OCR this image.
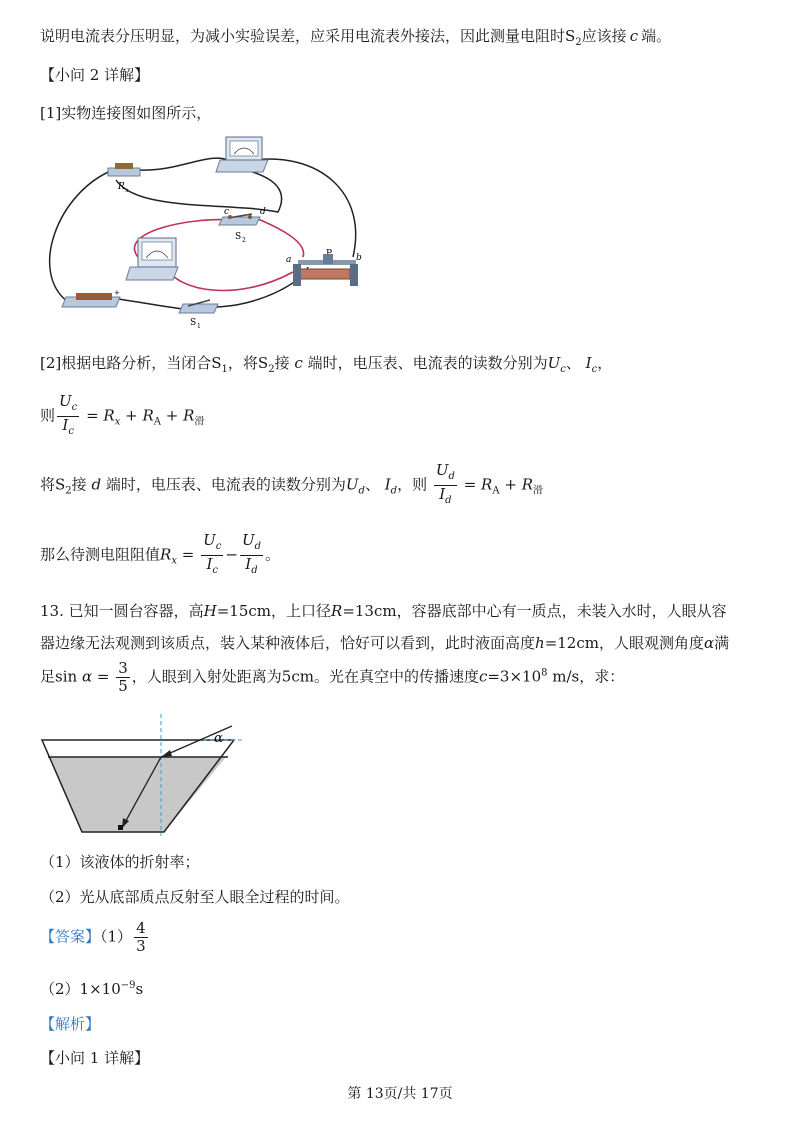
说明电流表分压明显，为减小实验误差，应采用电流表外接法，因此测量电阻时$S_2$应该接 c 端。
【小问 2 详解】
[1]实物连接图如图所示，
R x
c	d
S 2
a	b
+
S 1
[2]根据电路分析，当闭合$S_1$，将$S_2$接 c 端时，电压表、电流表的读数分别为$U_c$、 $I_c$，
则 $\frac{U_c}{I_c} = R_x + R_A + R_滑$
将$S_2$接 d 端时，电压表、电流表的读数分别为$U_d$、 $I_d$，则 $\frac{U_d}{I_d} = R_A + R_滑$
那么待测电阻阻值$R_x = \frac{U_c}{I_c} - \frac{U_d}{I_d}$ 。
13. 已知一圆台容器，高H=15cm，上口径R=13cm，容器底部中心有一质点，未装入水时，人眼从容
器边缘无法观测到该质点，装入某种液体后，恰好可以看到，此时液面高度h=12cm，人眼观测角度α满
足$\sin \alpha = \frac{3}{5}$ ，人眼到入射处距离为5cm。光在真空中的传播速度$c=3\times 10^8$ m/s，求：
α
（1）该液体的折射率；
（2）光从底部质点反射至人眼全过程的时间。
【答案】$(1) \frac{4}{3}$
$(2)1\times 10^{-9}s$
【解析】
【小问 1 详解】
第 13页/共 17页
